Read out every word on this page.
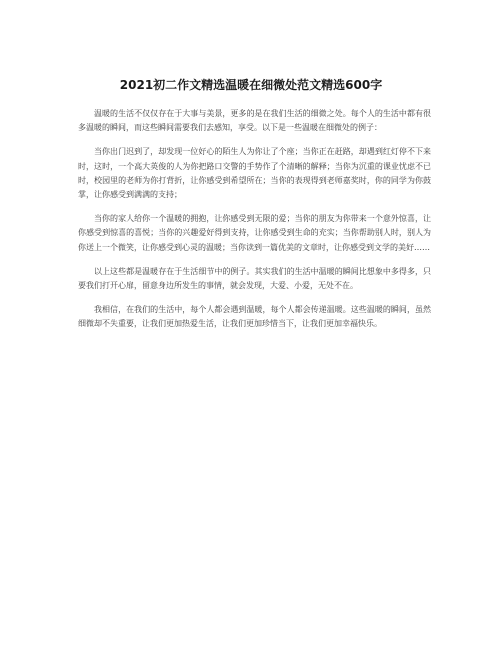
2021初二作文精选温暖在细微处范文精选600字

温暖的生活不仅仅存在于大事与美景，更多的是在我们生活的细微之处。每个人的生活中都有很多温暖的瞬间，而这些瞬间需要我们去感知，享受。以下是一些温暖在细微处的例子：

当你出门迟到了，却发现一位好心的陌生人为你让了个座；当你正在赶路，却遇到红灯停不下来时，这时，一个高大英俊的人为你把路口交警的手势作了个清晰的解释；当你为沉重的课业忧虑不已时，校园里的老师为你打背折，让你感受到希望所在；当你的表现得到老师嘉奖时，你的同学为你鼓掌，让你感受到满满的支持；

当你的家人给你一个温暖的拥抱，让你感受到无限的爱；当你的朋友为你带来一个意外惊喜，让你感受到惊喜的喜悦；当你的兴趣爱好得到支持，让你感受到生命的充实；当你帮助别人时，别人为你送上一个微笑，让你感受到心灵的温暖；当你读到一篇优美的文章时，让你感受到文学的美好……

以上这些都是温暖存在于生活细节中的例子。其实我们的生活中温暖的瞬间比想象中多得多，只要我们打开心扉，留意身边所发生的事情，就会发现，大爱、小爱，无处不在。

我相信，在我们的生活中，每个人都会遇到温暖，每个人都会传递温暖。这些温暖的瞬间，虽然细微却不失重要，让我们更加热爱生活，让我们更加珍惜当下，让我们更加幸福快乐。
